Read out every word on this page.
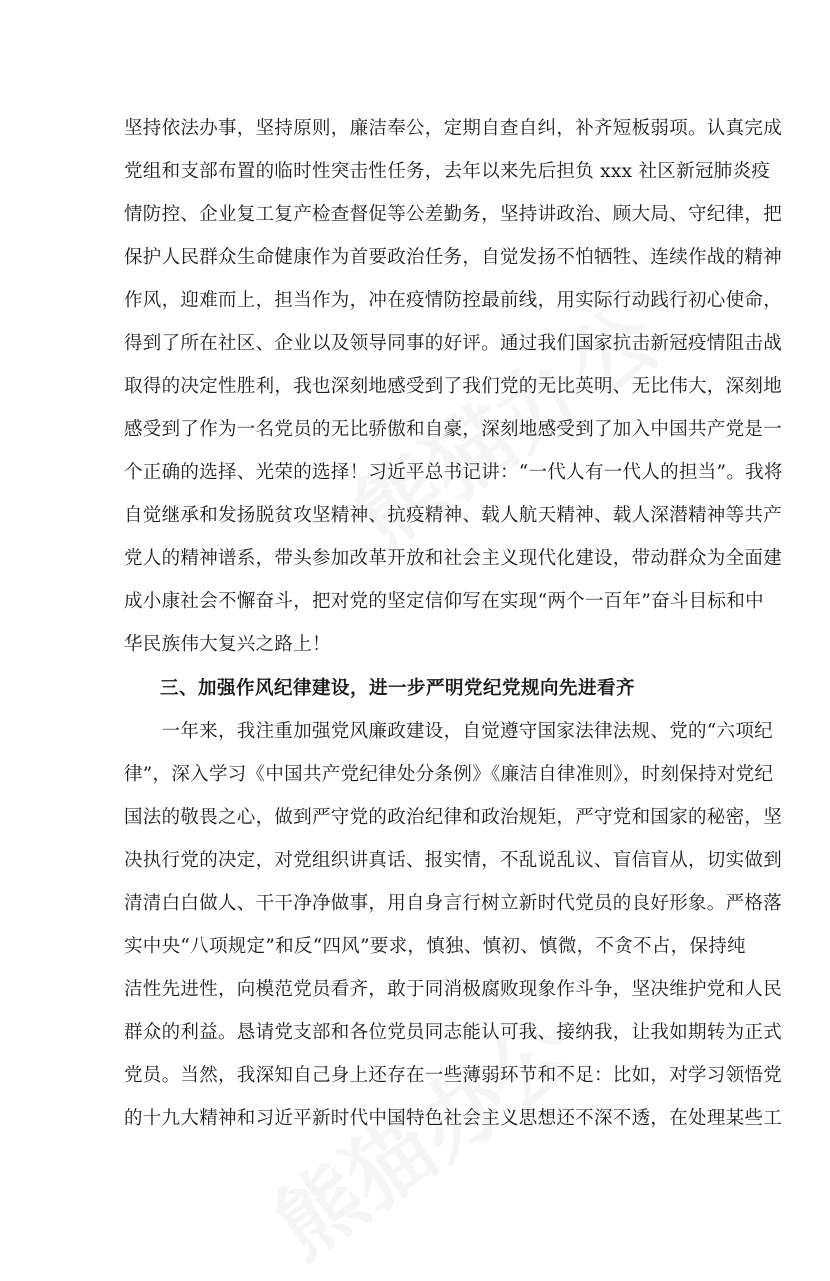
坚持依法办事，坚持原则，廉洁奉公，定期自查自纠，补齐短板弱项。认真完成
党组和支部布置的临时性突击性任务，去年以来先后担负 xxx 社区新冠肺炎疫
情防控、企业复工复产检查督促等公差勤务，坚持讲政治、顾大局、守纪律，把
保护人民群众生命健康作为首要政治任务，自觉发扬不怕牺牲、连续作战的精神
作风，迎难而上，担当作为，冲在疫情防控最前线，用实际行动践行初心使命，
得到了所在社区、企业以及领导同事的好评。通过我们国家抗击新冠疫情阻击战
取得的决定性胜利，我也深刻地感受到了我们党的无比英明、无比伟大，深刻地
感受到了作为一名党员的无比骄傲和自豪，深刻地感受到了加入中国共产党是一
个正确的选择、光荣的选择！习近平总书记讲：“一代人有一代人的担当”。我将
自觉继承和发扬脱贫攻坚精神、抗疫精神、载人航天精神、载人深潜精神等共产
党人的精神谱系，带头参加改革开放和社会主义现代化建设，带动群众为全面建
成小康社会不懈奋斗，把对党的坚定信仰写在实现“两个一百年”奋斗目标和中
华民族伟大复兴之路上！
三、加强作风纪律建设，进一步严明党纪党规向先进看齐
　　一年来，我注重加强党风廉政建设，自觉遵守国家法律法规、党的“六项纪
律”，深入学习《中国共产党纪律处分条例》《廉洁自律准则》，时刻保持对党纪
国法的敬畏之心，做到严守党的政治纪律和政治规矩，严守党和国家的秘密，坚
决执行党的决定，对党组织讲真话、报实情，不乱说乱议、盲信盲从，切实做到
清清白白做人、干干净净做事，用自身言行树立新时代党员的良好形象。严格落
实中央“八项规定”和反“四风”要求，慎独、慎初、慎微，不贪不占，保持纯
洁性先进性，向模范党员看齐，敢于同消极腐败现象作斗争，坚决维护党和人民
群众的利益。恳请党支部和各位党员同志能认可我、接纳我，让我如期转为正式
党员。当然，我深知自己身上还存在一些薄弱环节和不足：比如，对学习领悟党
的十九大精神和习近平新时代中国特色社会主义思想还不深不透，在处理某些工
